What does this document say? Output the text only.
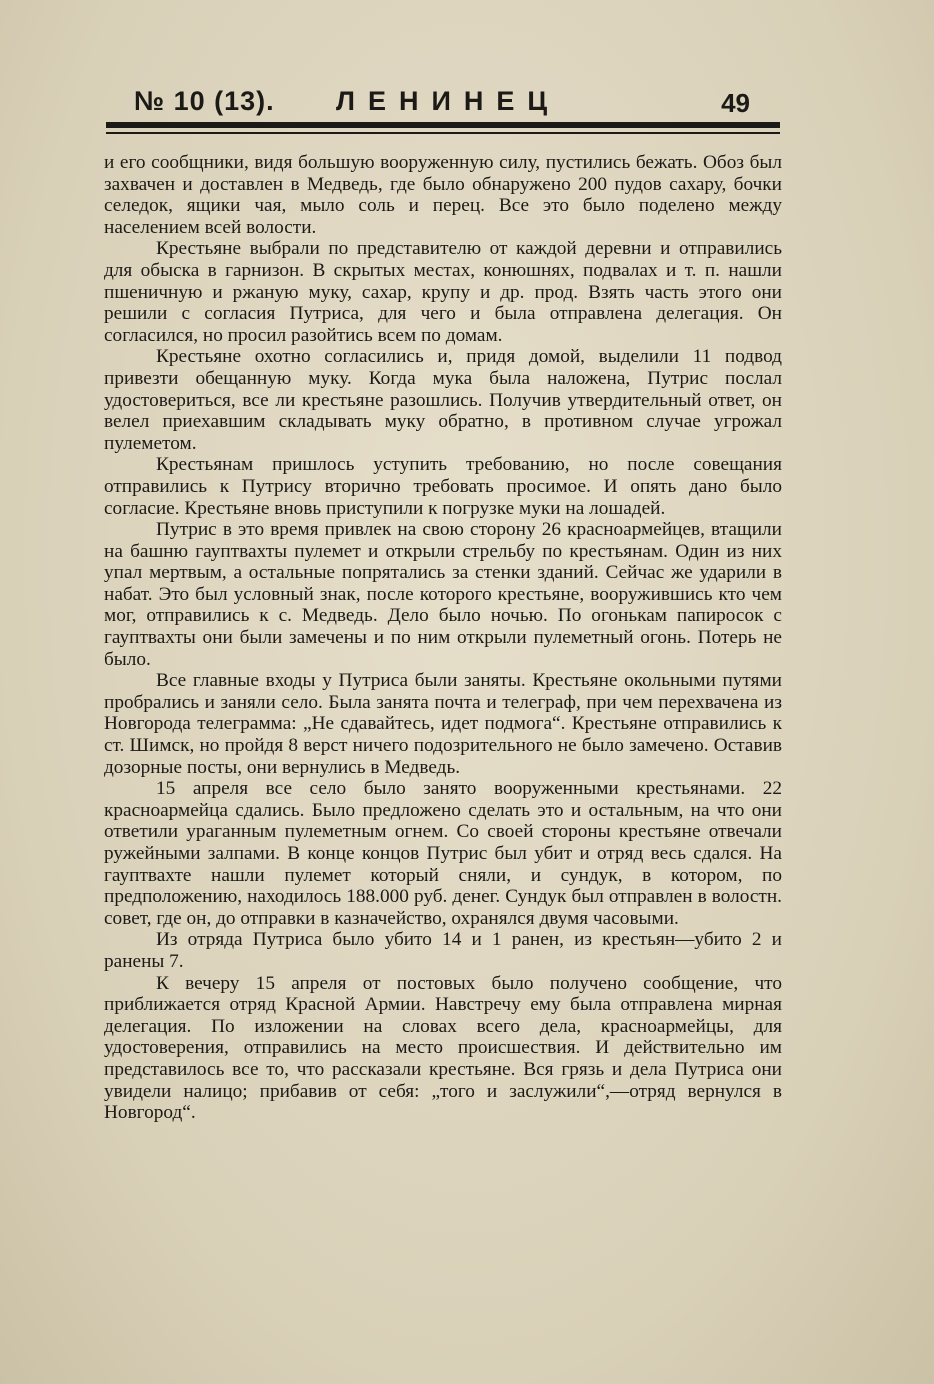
№ 10 (13). ЛЕНИНЕЦ	49

и его сообщники, видя большую вооруженную силу, пустились бежать. Обоз был захвачен и доставлен в Медведь, где было обнаружено 200 пудов сахару, бочки селедок, ящики чая, мыло соль и перец. Все это было поделено между населением всей волости.

Крестьяне выбрали по представителю от каждой деревни и отправились для обыска в гарнизон. В скрытых местах, конюшнях, подвалах и т. п. нашли пшеничную и ржаную муку, сахар, крупу и др. прод. Взять часть этого они решили с согласия Путриса, для чего и была отправлена делегация. Он согласился, но просил разойтись всем по домам.

Крестьяне охотно согласились и, придя домой, выделили 11 подвод привезти обещанную муку. Когда мука была наложена, Путрис послал удостовериться, все ли крестьяне разошлись. Получив утвердительный ответ, он велел приехавшим складывать муку обратно, в противном случае угрожал пулеметом.

Крестьянам пришлось уступить требованию, но после совещания отправились к Путрису вторично требовать просимое. И опять дано было согласие. Крестьяне вновь приступили к погрузке муки на лошадей.

Путрис в это время привлек на свою сторону 26 красноармейцев, втащили на башню гауптвахты пулемет и открыли стрельбу по крестьянам. Один из них упал мертвым, а остальные попрятались за стенки зданий. Сейчас же ударили в набат. Это был условный знак, после которого крестьяне, вооружившись кто чем мог, отправились к с. Медведь. Дело было ночью. По огонькам папиросок с гауптвахты они были замечены и по ним открыли пулеметный огонь. Потерь не было.

Все главные входы у Путриса были заняты. Крестьяне окольными путями пробрались и заняли село. Была занята почта и телеграф, при чем перехвачена из Новгорода телеграмма: „Не сдавайтесь, идет подмога“. Крестьяне отправились к ст. Шимск, но пройдя 8 верст ничего подозрительного не было замечено. Оставив дозорные посты, они вернулись в Медведь.

15 апреля все село было занято вооруженными крестьянами. 22 красноармейца сдались. Было предложено сделать это и остальным, на что они ответили ураганным пулеметным огнем. Со своей стороны крестьяне отвечали ружейными залпами. В конце концов Путрис был убит и отряд весь сдался. На гауптвахте нашли пулемет который сняли, и сундук, в котором, по предположению, находилось 188.000 руб. денег. Сундук был отправлен в волостн. совет, где он, до отправки в казначейство, охранялся двумя часовыми.

Из отряда Путриса было убито 14 и 1 ранен, из крестьян—убито 2 и ранены 7.

К вечеру 15 апреля от постовых было получено сообщение, что приближается отряд Красной Армии. Навстречу ему была отправлена мирная делегация. По изложении на словах всего дела, красноармейцы, для удостоверения, отправились на место происшествия. И действительно им представилось все то, что рассказали крестьяне. Вся грязь и дела Путриса они увидели налицо; прибавив от себя: „того и заслужили“,—отряд вернулся в Новгород“.
